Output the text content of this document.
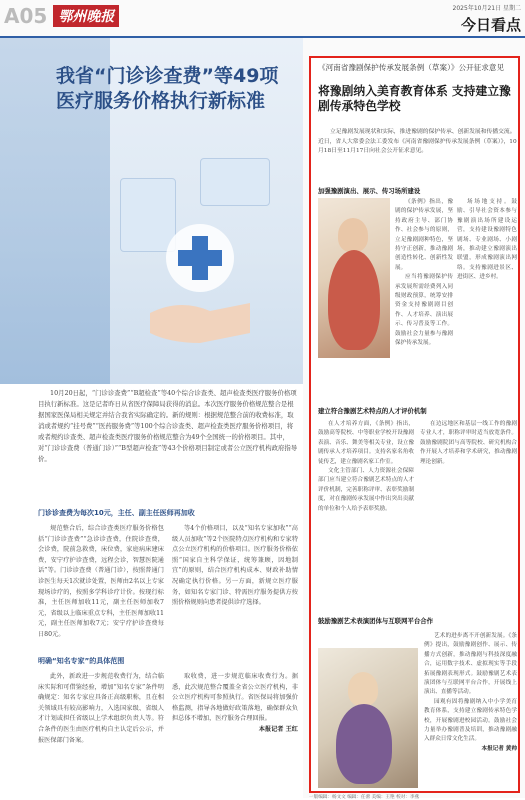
A05 鄂州晚报
2025年10月21日 星期二
今日看点
我省“门诊诊查费”等49项医疗服务价格执行新标准
10月20日起，“门诊诊查费”“B超检查”等40个综合诊查类、超声检查类医疗服务价格项目执行新标准。这是记者昨日从省医疗保障局获得的消息。本次医疗服务价格规范整合是根据国家医保局相关规定并结合我省实际确定的。新的规则：根据规范整合前的收费标准，取消或者规约“挂号费”“医药服务费”等100个综合诊查类、超声检查类医疗服务价格项目，将或者规约诊查类、超声检查类医疗服务价格规范整合为49个全国统一的价格项目。其中，对“门诊诊查费（普通门诊）”“B型超声检查”等43个价格项目制定或者公立医疗机构政府指导价。
门诊诊查费为每次10元，主任、副主任医师再加收

规范整合后，综合诊查类医疗服务价格包括“门诊诊查费”“急诊诊查费，住院诊查费，会诊费，院前急救费，床位费，家庭病床建床费，安宁疗护诊查费，远程会诊，智慧医院通话”等。门诊诊查费（普通门诊），按照普通门诊医生每天1次就诊处置，医师由2名以上专家现场诊疗的，按照多学科诊疗计价。按现行标准，主任医师加收11元，副主任医师加收7元，省级以上临床重点专科，主任医师加收11元，副主任医师加收7元；安宁疗护诊查费每日80元。

等4个价格项目，以及“知名专家加收”“高级人员加收”等2个医院特点医疗机构和专家特点公立医疗机构的价格项目。医疗服务价格依照“国家自主科学保证，统筹兼顾，因地制宜”的原则，结合医疗机构成本、财政补助情况确定执行价格。另一方面，新规立医疗服务，如知名专家门诊、特需医疗服务提供方按照价格规则向患者提供诊疗选择。

明确“知名专家”的具体范围

此外，新政进一步规范收费行为，结合临床实际和可借鉴经验，增加“知名专家”条件明确规定：知名专家应具备正高级职称，且在相关领域具有较高影响力，入选国家级、省级人才计划或担任省级以上学术组织负责人等。符合条件的医生由医疗机构自主认定后公示，并报医保部门备案。

取收费，进一步规范临床收费行为。据悉，此次规范整合覆盖全省公立医疗机构，非公立医疗机构可参照执行。省医保局将加强价格监测，指导各地做好政策落地，确保群众负担总体不增加，医疗服务合理回报。

本报记者 王红

《河南省豫剧保护传承发展条例（草案）》公开征求意见
将豫剧纳入美育教育体系 支持建立豫剧传承特色学校
立足豫剧发展现状和实际，推进豫剧的保护传承、创新发展和传播交流。近日，省人大常委会法工委发布《河南省豫剧保护传承发展条例（草案）》，10月18日至11月17日向社会公开征求意见。
加强豫剧演出、展示、传习场所建设

《条例》指出，豫剧的保护传承发展，坚持政府主导、部门协作、社会参与的原则，立足豫剧剧种特色，坚持守正创新，推动豫剧创造性转化、创新性发展。

应当将豫剧保护传承发展所需经费列入同级财政预算，统筹安排资金支持豫剧剧目创作、人才培养、演出展示、传习普及等工作。鼓励社会力量参与豫剧保护传承发展。

场场地支持。鼓励、引导社会资本参与豫剧演出场所建设运营，支持建设豫剧特色剧场、专业剧场、小剧场，推动建立豫剧演出联盟，形成豫剧演出网络。支持豫剧进景区、进街区、进乡村。

建立符合豫剧艺术特点的人才评价机制

在人才培养方面，《条例》指出，鼓励高等院校、中等职业学校开设豫剧表演、音乐、舞美等相关专业，设立豫剧传承人才培养项目。支持名家名角收徒传艺，建立豫剧名家工作室。

文化主管部门、人力资源社会保障部门应当建立符合豫剧艺术特点的人才评价机制，完善职称评审、表彰奖励制度，对在豫剧传承发展中作出突出贡献的单位和个人给予表彰奖励。

在边远地区和基层一线工作的豫剧专业人才，职称评审时适当放宽条件。鼓励豫剧院团与高等院校、研究机构合作开展人才培养和学术研究，推动豫剧理论创新。

鼓励豫剧艺术表演团体与互联网平台合作

艺术的进步离不开创新发展。《条例》提出，鼓励豫剧创作、展示、传播方式创新，推动豫剧与科技深度融合，运用数字技术、虚拟现实等手段拓展豫剧表现形式。鼓励豫剧艺术表演团体与互联网平台合作，开展线上演出、直播等活动。

园观有固将豫剧纳入中小学美育教育体系，支持建立豫剧传承特色学校，开展豫剧进校园活动。鼓励社会力量举办豫剧普及培训，推动豫剧融入群众日常文化生活。

本报记者 黄帅

一版编辑：杨文文 编辑：任蕾 美编：王艳 校对：李燕
